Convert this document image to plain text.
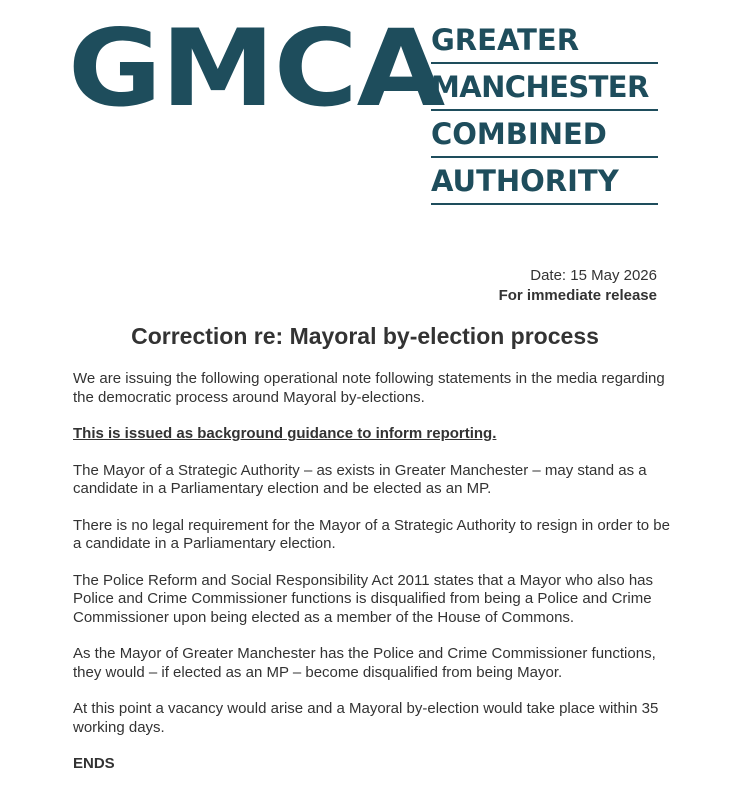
GMCA
GREATER
MANCHESTER
COMBINED
AUTHORITY
Date: 15 May 2026
For immediate release
Correction re: Mayoral by-election process

We are issuing the following operational note following statements in the media regarding the democratic process around Mayoral by-elections.

This is issued as background guidance to inform reporting.

The Mayor of a Strategic Authority – as exists in Greater Manchester – may stand as a candidate in a Parliamentary election and be elected as an MP.

There is no legal requirement for the Mayor of a Strategic Authority to resign in order to be a candidate in a Parliamentary election.

The Police Reform and Social Responsibility Act 2011 states that a Mayor who also has Police and Crime Commissioner functions is disqualified from being a Police and Crime Commissioner upon being elected as a member of the House of Commons.

As the Mayor of Greater Manchester has the Police and Crime Commissioner functions, they would – if elected as an MP – become disqualified from being Mayor.

At this point a vacancy would arise and a Mayoral by-election would take place within 35 working days.

ENDS
